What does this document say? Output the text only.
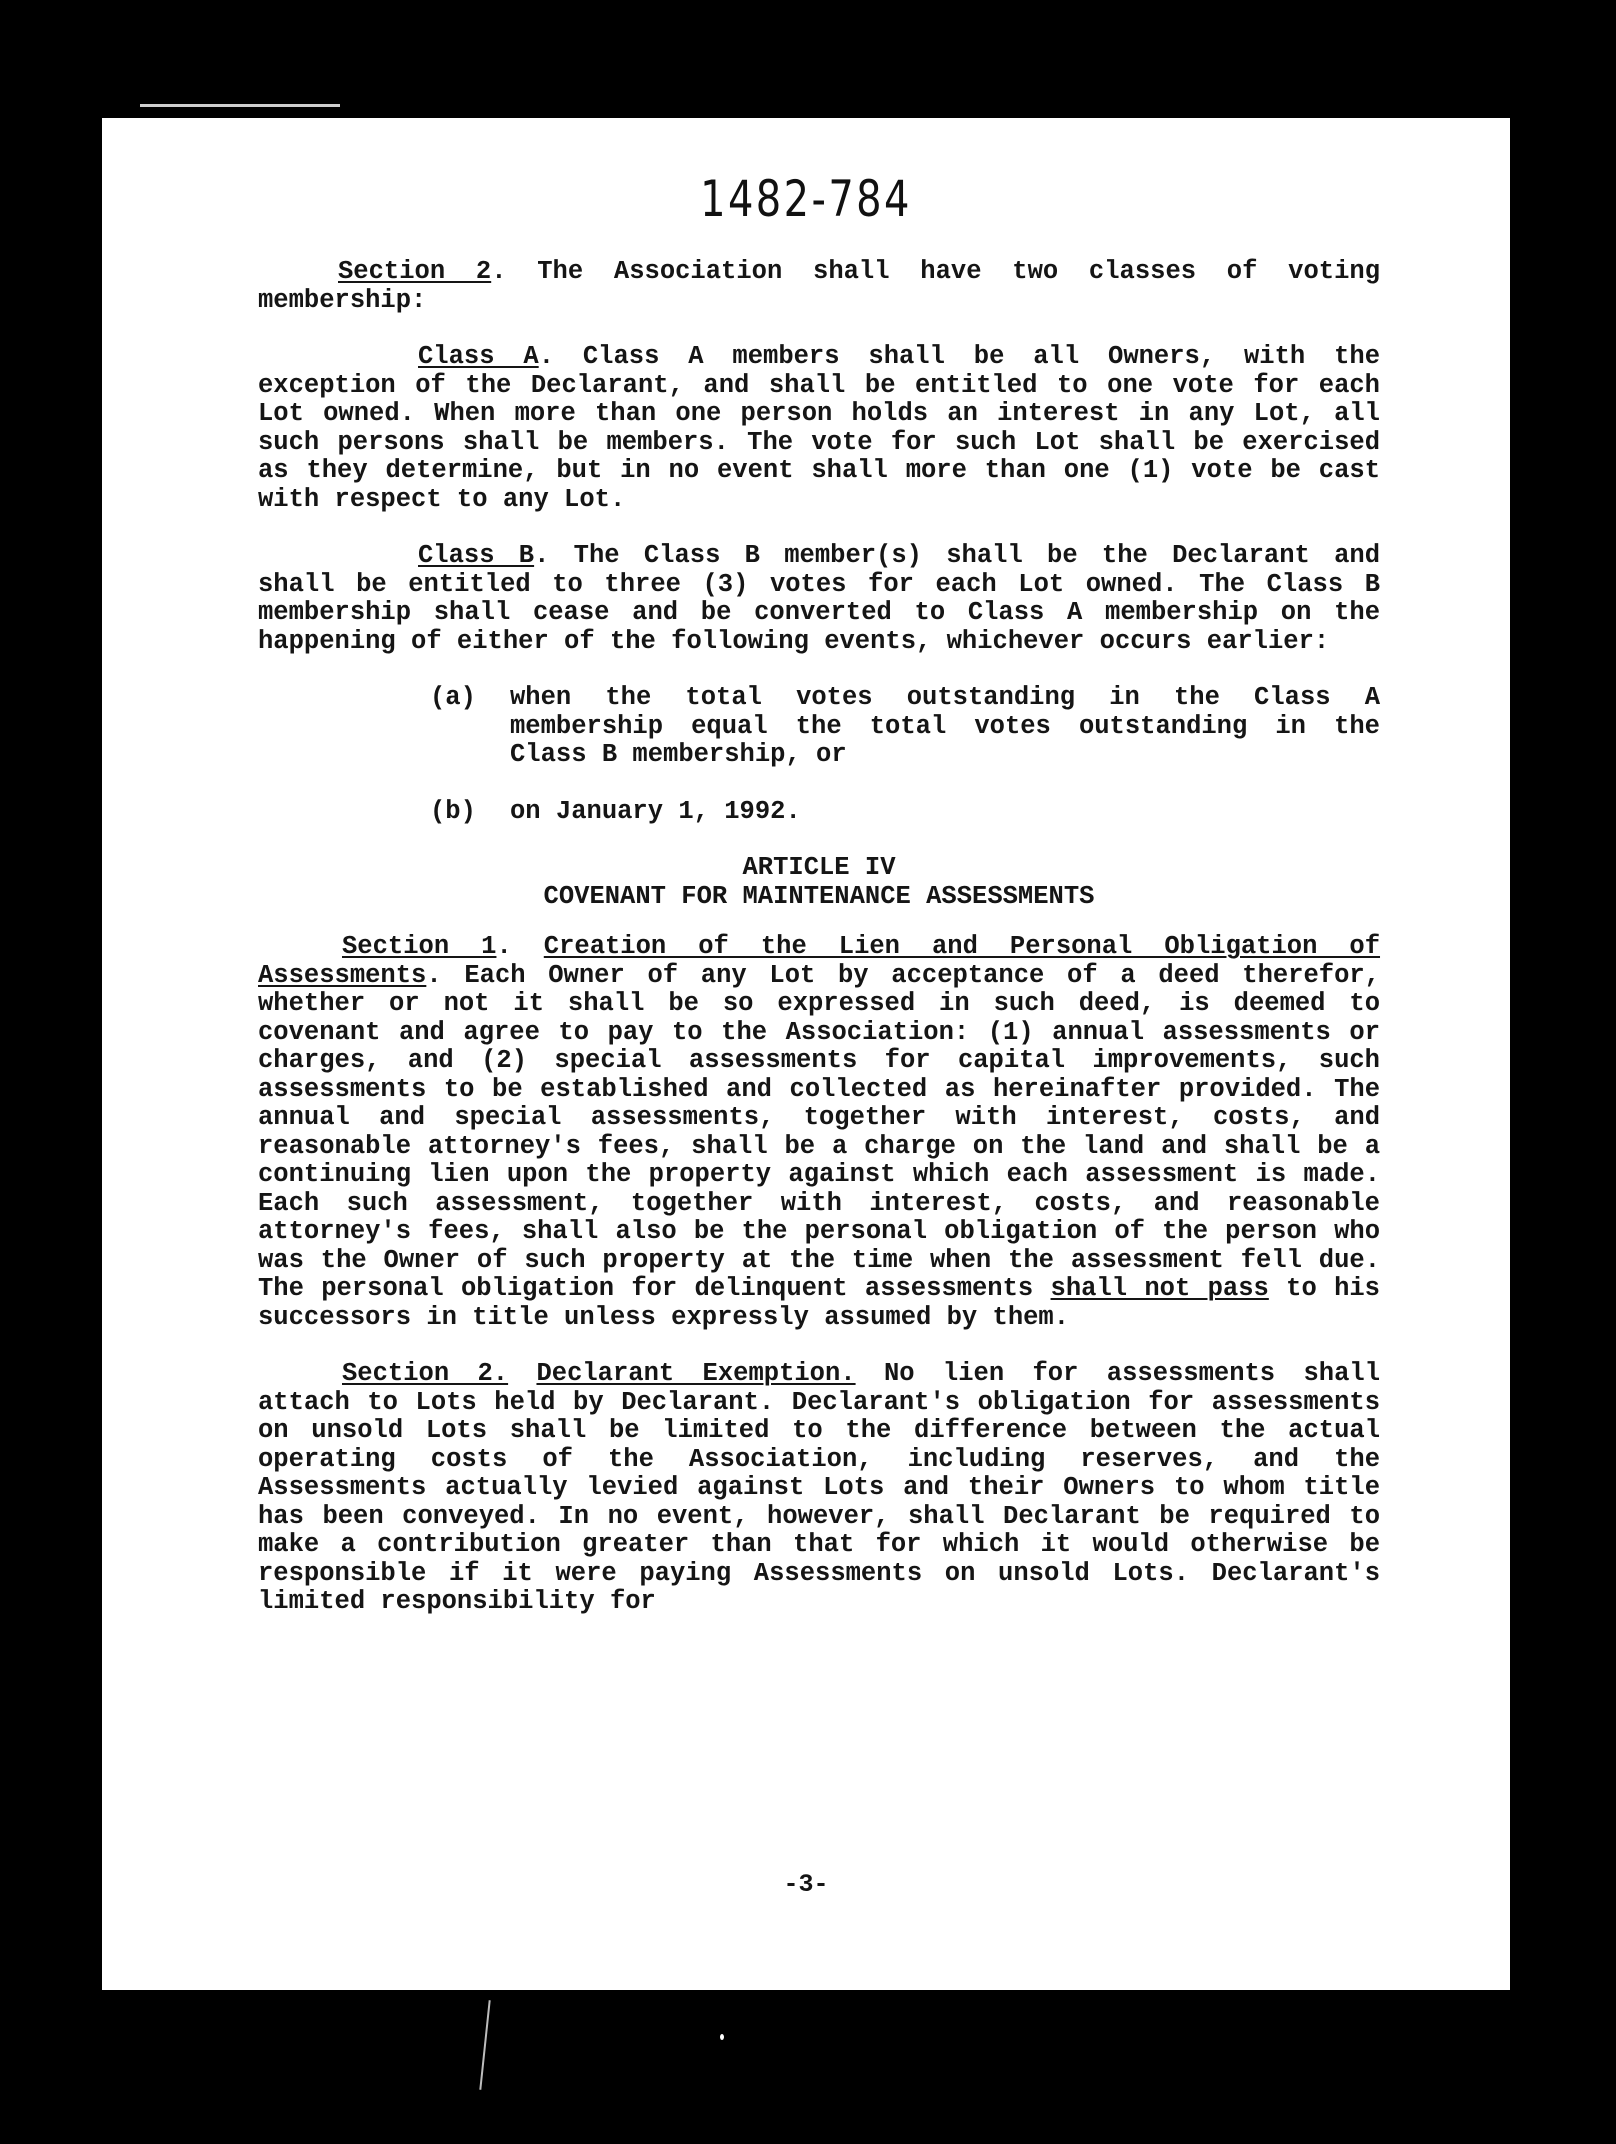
1482-784

Section 2. The Association shall have two classes of voting membership:

Class A. Class A members shall be all Owners, with the exception of the Declarant, and shall be entitled to one vote for each Lot owned. When more than one person holds an interest in any Lot, all such persons shall be members. The vote for such Lot shall be exercised as they determine, but in no event shall more than one (1) vote be cast with respect to any Lot.

Class B. The Class B member(s) shall be the Declarant and shall be entitled to three (3) votes for each Lot owned. The Class B membership shall cease and be converted to Class A membership on the happening of either of the following events, whichever occurs earlier:

(a)	when the total votes outstanding in the Class A membership equal the total votes outstanding in the Class B membership, or
(b)	on January 1, 1992.

ARTICLE IV

COVENANT FOR MAINTENANCE ASSESSMENTS

Section 1. Creation of the Lien and Personal Obligation of Assessments. Each Owner of any Lot by acceptance of a deed therefor, whether or not it shall be so expressed in such deed, is deemed to covenant and agree to pay to the Association: (1) annual assessments or charges, and (2) special assessments for capital improvements, such assessments to be established and collected as hereinafter provided. The annual and special assessments, together with interest, costs, and reasonable attorney's fees, shall be a charge on the land and shall be a continuing lien upon the property against which each assessment is made. Each such assessment, together with interest, costs, and reasonable attorney's fees, shall also be the personal obligation of the person who was the Owner of such property at the time when the assessment fell due. The personal obligation for delinquent assessments shall not pass to his successors in title unless expressly assumed by them.

Section 2. Declarant Exemption. No lien for assessments shall attach to Lots held by Declarant. Declarant's obligation for assessments on unsold Lots shall be limited to the difference between the actual operating costs of the Association, including reserves, and the Assessments actually levied against Lots and their Owners to whom title has been conveyed. In no event, however, shall Declarant be required to make a contribution greater than that for which it would otherwise be responsible if it were paying Assessments on unsold Lots. Declarant's limited responsibility for

-3-
